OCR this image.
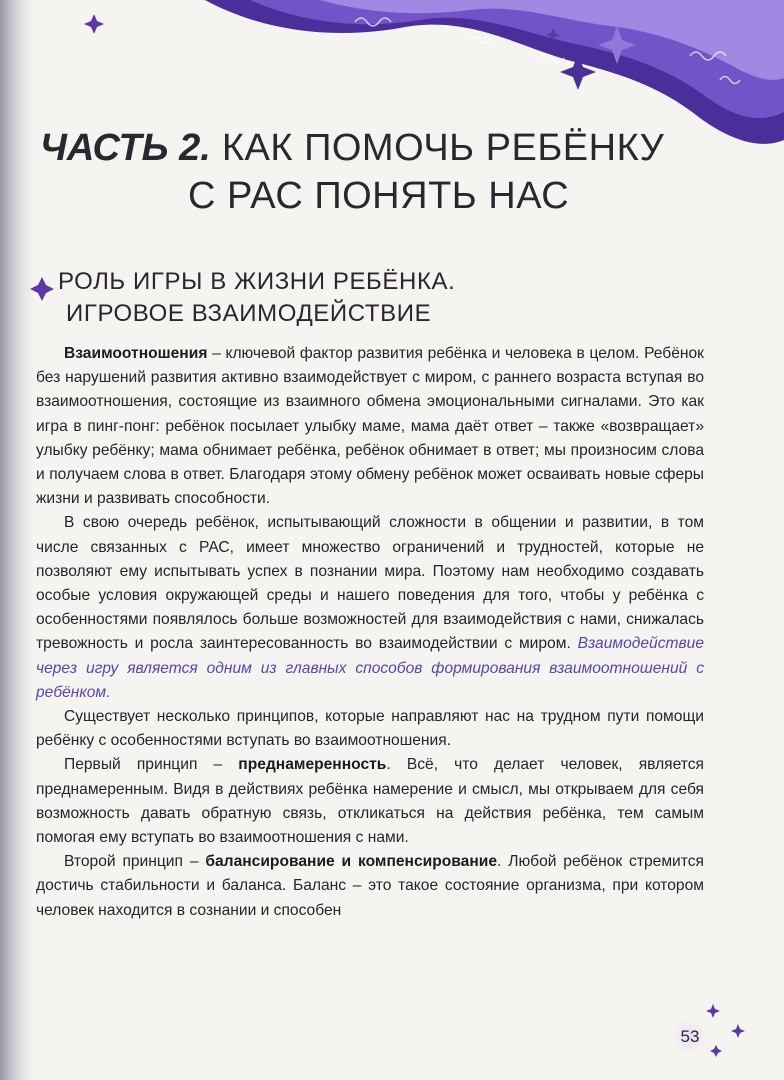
ЧАСТЬ 2. КАК ПОМОЧЬ РЕБЁНКУ
С РАС ПОНЯТЬ НАС
РОЛЬ ИГРЫ В ЖИЗНИ РЕБЁНКА.
ИГРОВОЕ ВЗАИМОДЕЙСТВИЕ

Взаимоотношения – ключевой фактор развития ребёнка и человека в целом. Ребёнок без нарушений развития активно взаимодействует с миром, с раннего возраста вступая во взаимоотношения, состоящие из взаимного обмена эмоциональными сигналами. Это как игра в пинг-понг: ребёнок посылает улыбку маме, мама даёт ответ – также «возвращает» улыбку ребёнку; мама обнимает ребёнка, ребёнок обнимает в ответ; мы произносим слова и получаем слова в ответ. Благодаря этому обмену ребёнок может осваивать новые сферы жизни и развивать способности.

В свою очередь ребёнок, испытывающий сложности в общении и развитии, в том числе связанных с РАС, имеет множество ограничений и трудностей, которые не позволяют ему испытывать успех в познании мира. Поэтому нам необходимо создавать особые условия окружающей среды и нашего поведения для того, чтобы у ребёнка с особенностями появлялось больше возможностей для взаимодействия с нами, снижалась тревожность и росла заинтересованность во взаимодействии с миром. Взаимодействие через игру является одним из главных способов формирования взаимоотношений с ребёнком.

Существует несколько принципов, которые направляют нас на трудном пути помощи ребёнку с особенностями вступать во взаимоотношения.

Первый принцип – преднамеренность. Всё, что делает человек, является преднамеренным. Видя в действиях ребёнка намерение и смысл, мы открываем для себя возможность давать обратную связь, откликаться на действия ребёнка, тем самым помогая ему вступать во взаимоотношения с нами.

Второй принцип – балансирование и компенсирование. Любой ребёнок стремится достичь стабильности и баланса. Баланс – это такое состояние организма, при котором человек находится в сознании и способен

53
